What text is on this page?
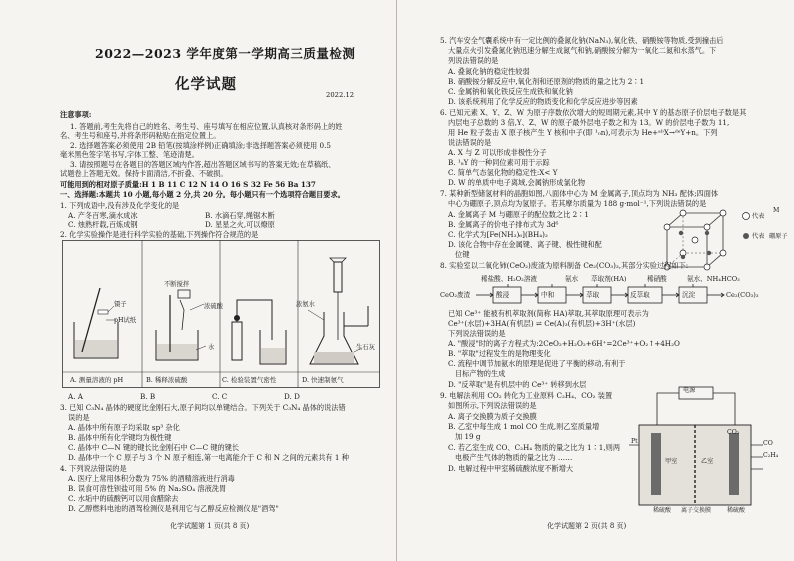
2022—2023 学年度第一学期高三质量检测
化学试题
2022.12
注意事项:
1. 答题前,考生先将自己的姓名、考生号、座号填写在相应位置,认真核对条形码上的姓
名、考生号和座号,并将条形码粘贴在指定位置上。
2. 选择题答案必须使用 2B 铅笔(按填涂样例)正确填涂;非选择题答案必须使用 0.5
毫米黑色签字笔书写,字体工整、笔迹清楚。
3. 请按照题号在各题目的答题区域内作答,超出答题区域书写的答案无效;在草稿纸、
试题卷上答题无效。保持卡面清洁,不折叠、不破损。
可能用到的相对原子质量:H 1 B 11 C 12 N 14 O 16 S 32 Fe 56 Ba 137
一、选择题:本题共 10 小题,每小题 2 分,共 20 分。每小题只有一个选项符合题目要求。
1. 下列成语中,没有涉及化学变化的是
A. 产冬百寒,滴水成冰	B. 水滴石穿,绳锯木断
C. 烛熟杆载,百炼成钢	D. 星星之火,可以燎原
2. 化学实验操作是进行科学实验的基础,下列操作符合规范的是
镊子
pH试纸
不断搅拌
浓硫酸
水
浓氨水
生石灰
A. 测量溶液的 pH	B. 稀释浓硫酸	C. 检验装置气密性	D. 快速制氨气
A. A	B. B	C. C	D. D
3. 已知 C₃N₄ 晶体的硬度比金刚石大,原子间均以单键结合。下列关于 C₃N₄ 晶体的说法错
误的是
A. 晶体中所有原子均采取 sp³ 杂化
B. 晶体中所有化学键均为极性键
C. 晶体中 C—N 键的键长比金刚石中 C—C 键的键长
D. 晶体中一个 C 原子与 3 个 N 原子相连,第一电离能介于 C 和 N 之间的元素共有 1 种
4. 下列说法错误的是
A. 医疗上常用体积分数为 75% 的酒精溶液进行消毒
B. 误食可溶性钡盐可用 5% 的 Na₂SO₄ 溶液洗胃
C. 水垢中的硫酸钙可以用食醋除去
D. 乙醇燃料电池的酒驾检测仪是利用它与乙醇反应检测仪是"酒驾"
化学试题第 1 页(共 8 页)
5. 汽车安全气囊系统中有一定比例的叠氮化钠(NaN₃),氧化铁、硝酸铵等物质,受到撞击后
大量点火引发叠氮化钠迅速分解生成氮气和钠,硝酸铵分解为一氧化二氮和水蒸气。下
列说法错误的是
A. 叠氮化钠的稳定性较弱
B. 硝酸铵分解反应中,氧化剂和还原剂的物质的量之比为 2∶1
C. 金属钠和氧化铁反应生成铁和氧化钠
D. 该系统利用了化学反应的物质变化和化学反应进步等因素
6. 已知元素 X、Y、Z、W 为原子序数依次增大的短周期元素,其中 Y 的基态原子价层电子数是其
内层电子总数的 3 倍,Y、Z、W 的原子最外层电子数之和为 13。W 的价层电子数为 11,
用 He 粒子轰击 X 原子核产生 Y 核和中子(即 ¹₀n),可表示为 He+ᵃᵇX→ᵈᵉY+n。下列
说法错误的是
A. X 与 Z 可以形成非极性分子
B. ¹₈Y 的一种同位素可用于示踪
C. 简单气态氢化物的稳定性:X< Y
D. W 的单质中电子离域,会属钠形成氯化物
7. 某种新型储氢材料的晶胞如图,八面体中心为 M 金属离子,顶点均为 NH₃ 配体;四面体
中心为硼原子,顶点均为氢原子。若其摩尔质量为 188 g·mol⁻¹,下列说法错误的是
A. 金属离子 M 与硼原子的配位数之比 2∶1
B. 金属离子的价电子排布式为 3d⁶
C. 化学式为[Fe(NH₃)₆](BH₄)₂
D. 该化合物中存在金属键、离子键、极性键和配
位键
代表
M
代表 硼原子
8. 实验室以二氧化铈(CeO₂)废渣为原料制备 Ce₂(CO₃)₃,其部分实验过程如下:
稀盐酸、H₂O₂溶液	氨水 萃取剂(HA)	稀硝酸	氨水、NH₄HCO₃
CeO₂废渣	酸浸	中和	萃取	反萃取	沉淀	Ce₂(CO₃)₃
已知 Ce³⁺ 能被有机萃取剂(简称 HA)萃取,其萃取原理可表示为
Ce³⁺(水层)+3HA(有机层) ⇌ Ce(A)₃(有机层)+3H⁺(水层)
下列说法错误的是
A. "酸浸"时的离子方程式为:2CeO₂+H₂O₂+6H⁺=2Ce³⁺+O₂↑+4H₂O
B. "萃取"过程发生的是物理变化
C. 流程中调节加氨水的原理是促进了平衡的移动,有利于
目标产物的生成
D. "反萃取"是有机层中的 Ce³⁺ 转移到水层
9. 电解法利用 CO₂ 转化为工业原料 C₂H₄、CO₂ 装置
如图所示,下列说法错误的是
A. 离子交换膜为质子交换膜
B. 乙室中每生成 1 mol CO 生成,则乙室质量增
加 19 g
C. 若乙室生成 CO、C₂H₄ 物质的量之比为 1∶1,则两
电极产生气体的物质的量之比为 ……
D. 电解过程中甲室稀硫酸浓度不断增大
电源
Pt
CO₂
甲室	乙室
CO
C₂H₄
稀硫酸 离子交换膜	稀硫酸
化学试题第 2 页(共 8 页)
